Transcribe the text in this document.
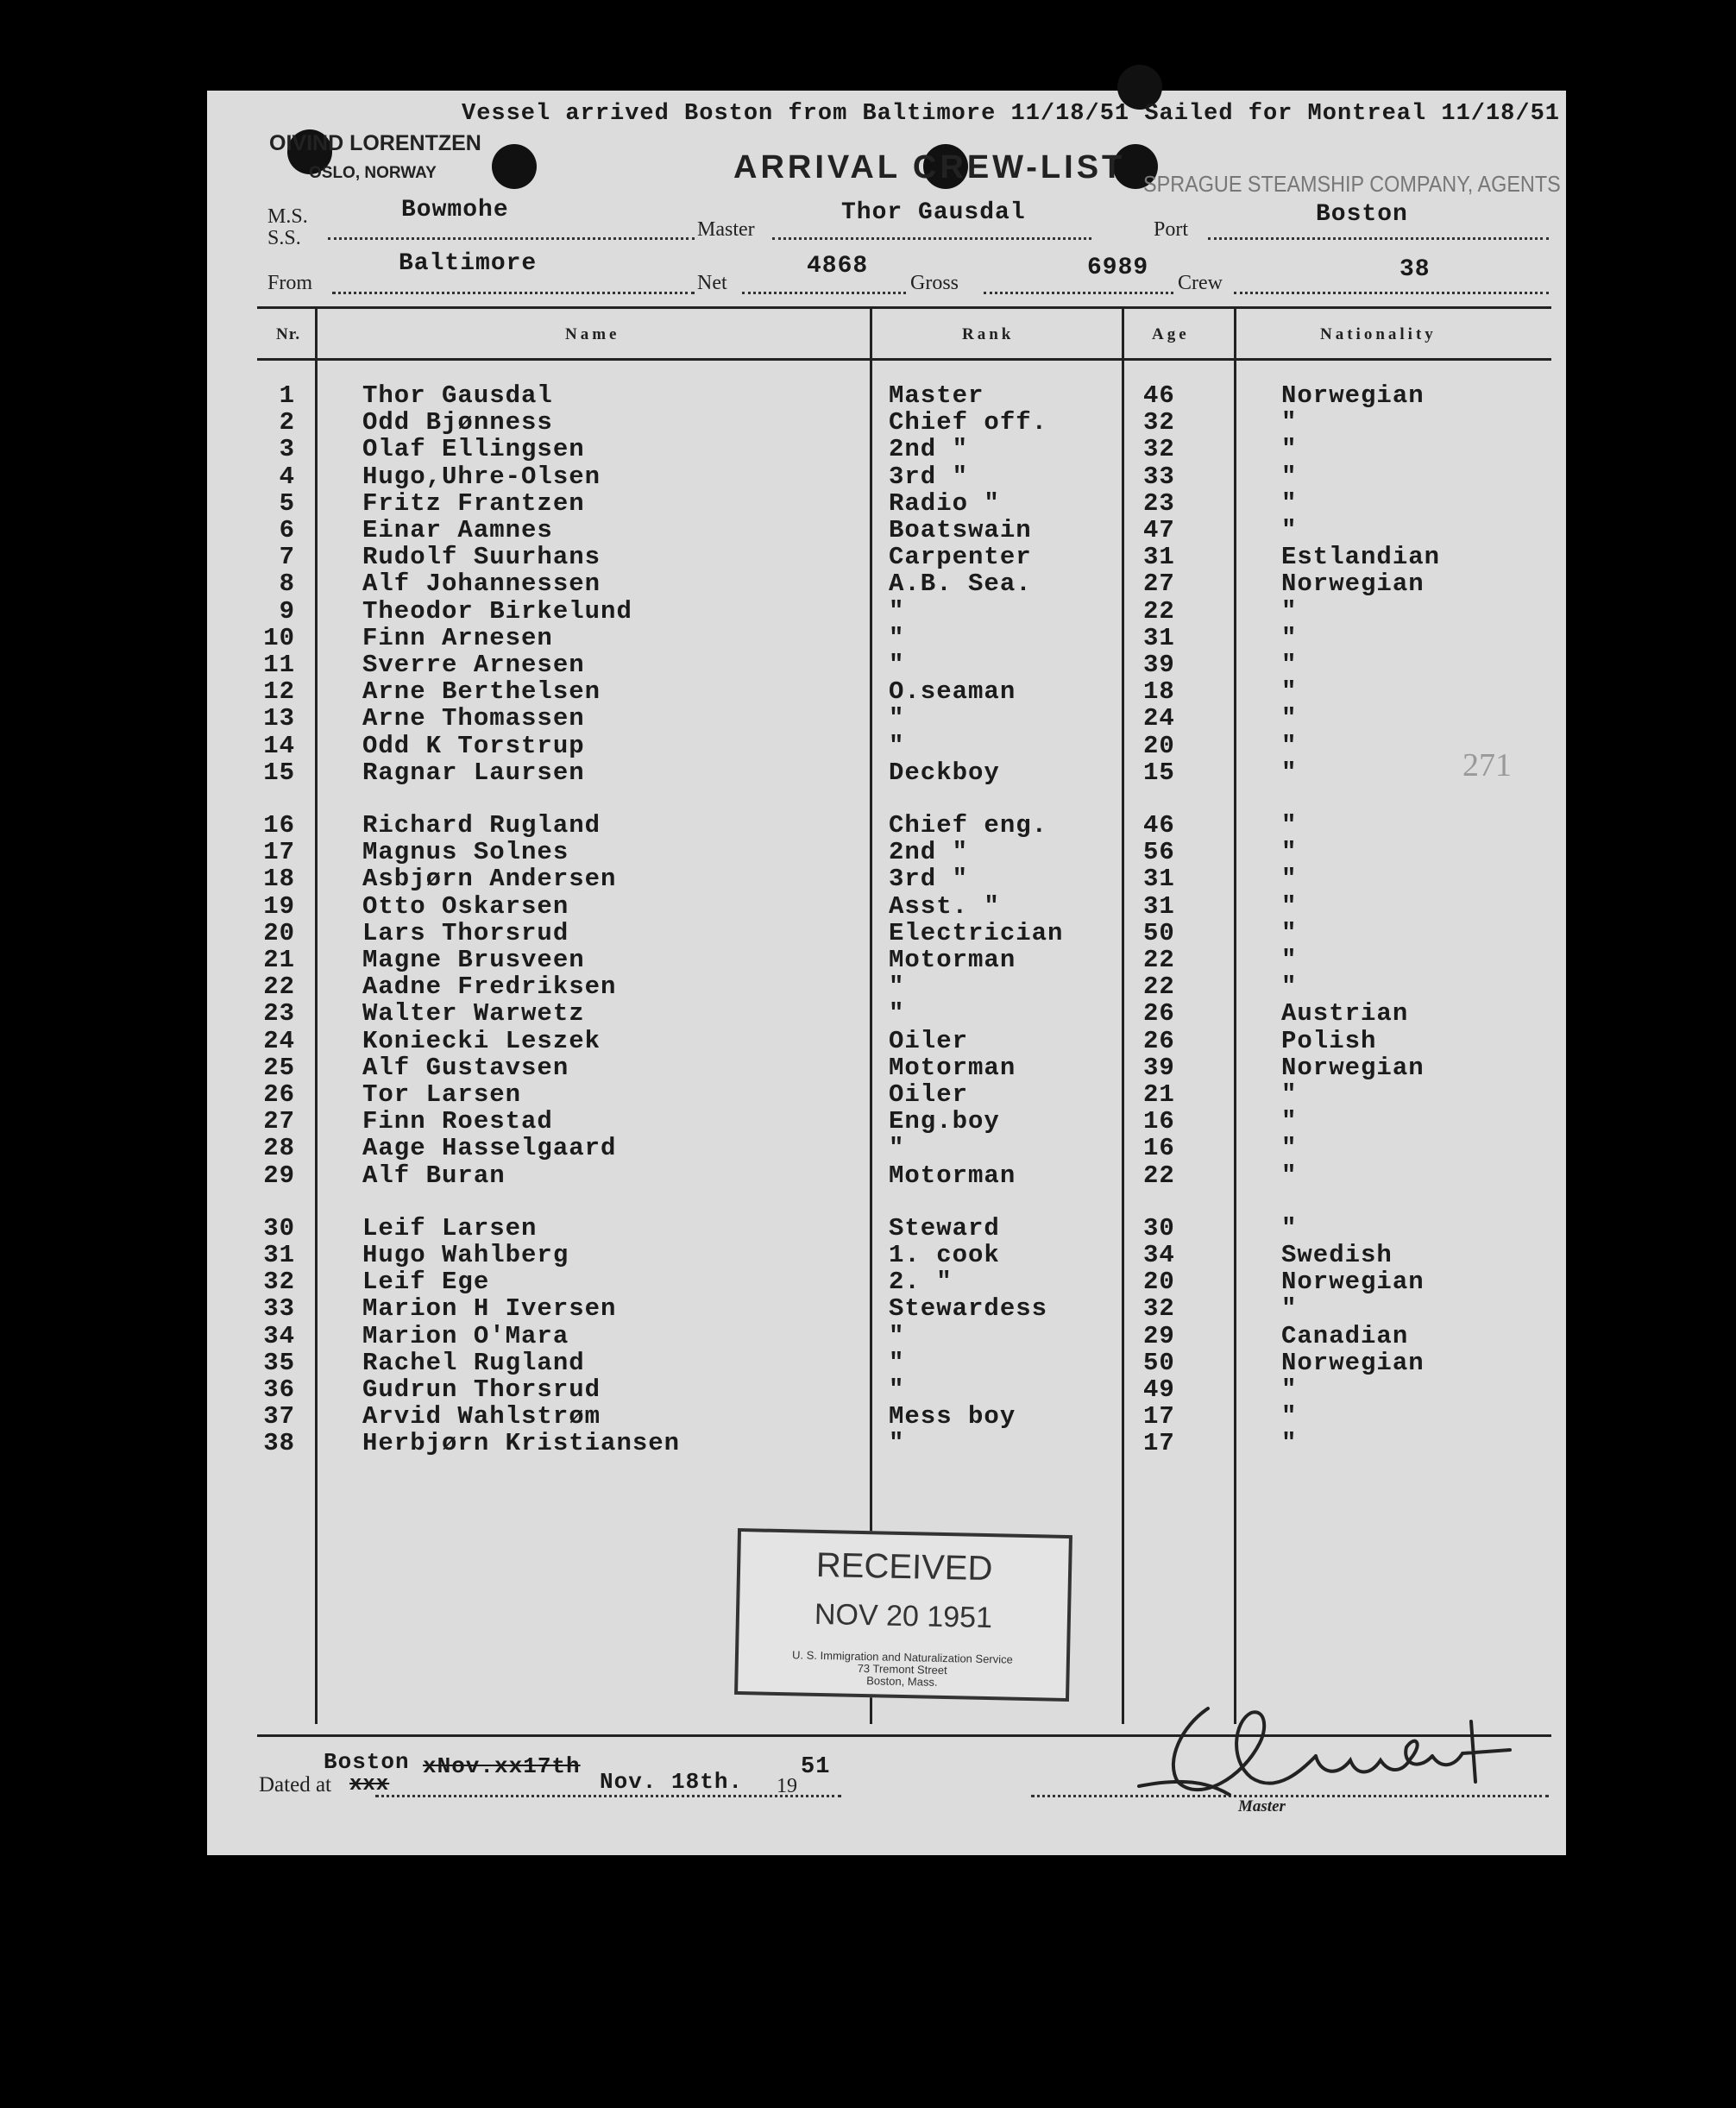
Vessel arrived Boston from Baltimore 11/18/51 Sailed for Montreal 11/18/51
OIVIND LORENTZEN
OSLO, NORWAY	ARRIVAL CREW-LIST SPRAGUE STEAMSHIP COMPANY, AGENTS
M.S.
S.S.
Bowmohe
Master
Thor Gausdal
Port
Boston
From
Baltimore
Net
4868
Gross
6989
Crew	38
Nr.	Name	Rank	Age	Nationality
1	Thor Gausdal	Master	46	Norwegian
2	Odd Bjønness	Chief off.	32	"
3	Olaf Ellingsen	2nd "	32	"
4	Hugo,Uhre-Olsen	3rd "	33	"
5	Fritz Frantzen	Radio "	23	"
6	Einar Aamnes	Boatswain	47	"
7	Rudolf Suurhans	Carpenter	31	Estlandian
8	Alf Johannessen	A.B. Sea.	27	Norwegian
9	Theodor Birkelund	"	22	"
10	Finn Arnesen	"	31	"
11	Sverre Arnesen	"	39	"
12	Arne Berthelsen	O.seaman	18	"
13	Arne Thomassen	"	24	"
14	Odd K Torstrup	"	20	"
15	Ragnar Laursen	Deckboy	15	"
16	Richard Rugland	Chief eng.	46	"
17	Magnus Solnes	2nd "	56	"
18	Asbjørn Andersen	3rd "	31	"
19	Otto Oskarsen	Asst. "	31	"
20	Lars Thorsrud	Electrician	50	"
21	Magne Brusveen	Motorman	22	"
22	Aadne Fredriksen	"	22	"
23	Walter Warwetz	"	26	Austrian
24	Koniecki Leszek	Oiler	26	Polish
25	Alf Gustavsen	Motorman	39	Norwegian
26	Tor Larsen	Oiler	21	"
27	Finn Roestad	Eng.boy	16	"
28	Aage Hasselgaard	"	16	"
29	Alf Buran	Motorman	22	"
30	Leif Larsen	Steward	30	"
31	Hugo Wahlberg	1. cook	34	Swedish
32	Leif Ege	2. "	20	Norwegian
33	Marion H Iversen	Stewardess	32	"
34	Marion O'Mara	"	29	Canadian
35	Rachel Rugland	"	50	Norwegian
36	Gudrun Thorsrud	"	49	"
37	Arvid Wahlstrøm	Mess boy	17	"
38	Herbjørn Kristiansen	"	17	"
271
RECEIVED
NOV 20 1951
U. S. Immigration and Naturalization Service
73 Tremont Street
Boston, Mass.
Boston xNov.xx17th
Dated at xxx	Nov. 18th. 19
51
Master
